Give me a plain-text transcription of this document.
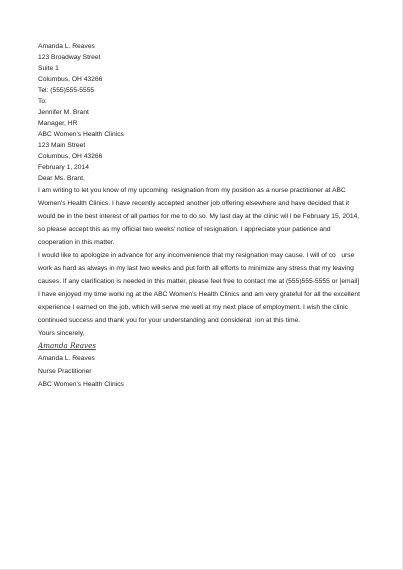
Amanda L. Reaves
123 Broadway Street
Suite 1
Columbus, OH 43266
Tel: (555)555-5555
To:
Jennifer M. Brant
Manager, HR
ABC Women's Health Clinics
123 Main Street
Columbus, OH 43266
February 1, 2014
Dear Ms. Brant,
I am writing to let you know of my upcoming  resignation from my position as a nurse practitioner at ABC
Women's Health Clinics. I have recently accepted another job offering elsewhere and have decided that it
would be in the best interest of all parties for me to do so. My last day at the clinic wil l be February 15, 2014,
so please accept this as my official two weeks' notice of resignation. I appreciate your patience and
cooperation in this matter.
I would like to apologize in advance for any inconvenience that my resignation may cause. I will of co   urse
work as hard as always in my last two weeks and put forth all efforts to minimize any stress that my leaving
causes. If any clarification is needed in this matter, please feel free to contact me at (555)555-5555 or [email]
I have enjoyed my time worki ng at the ABC Women's Health Clinics and am very grateful for all the excellent
experience I earned on the job, which will serve me well at my next place of employment. I wish the clinic
continued success and thank you for your understanding and considerat  ion at this time.
Yours sincerely,
Amanda Reaves
Amanda L. Reaves
Nurse Practitioner
ABC Women's Health Clinics
